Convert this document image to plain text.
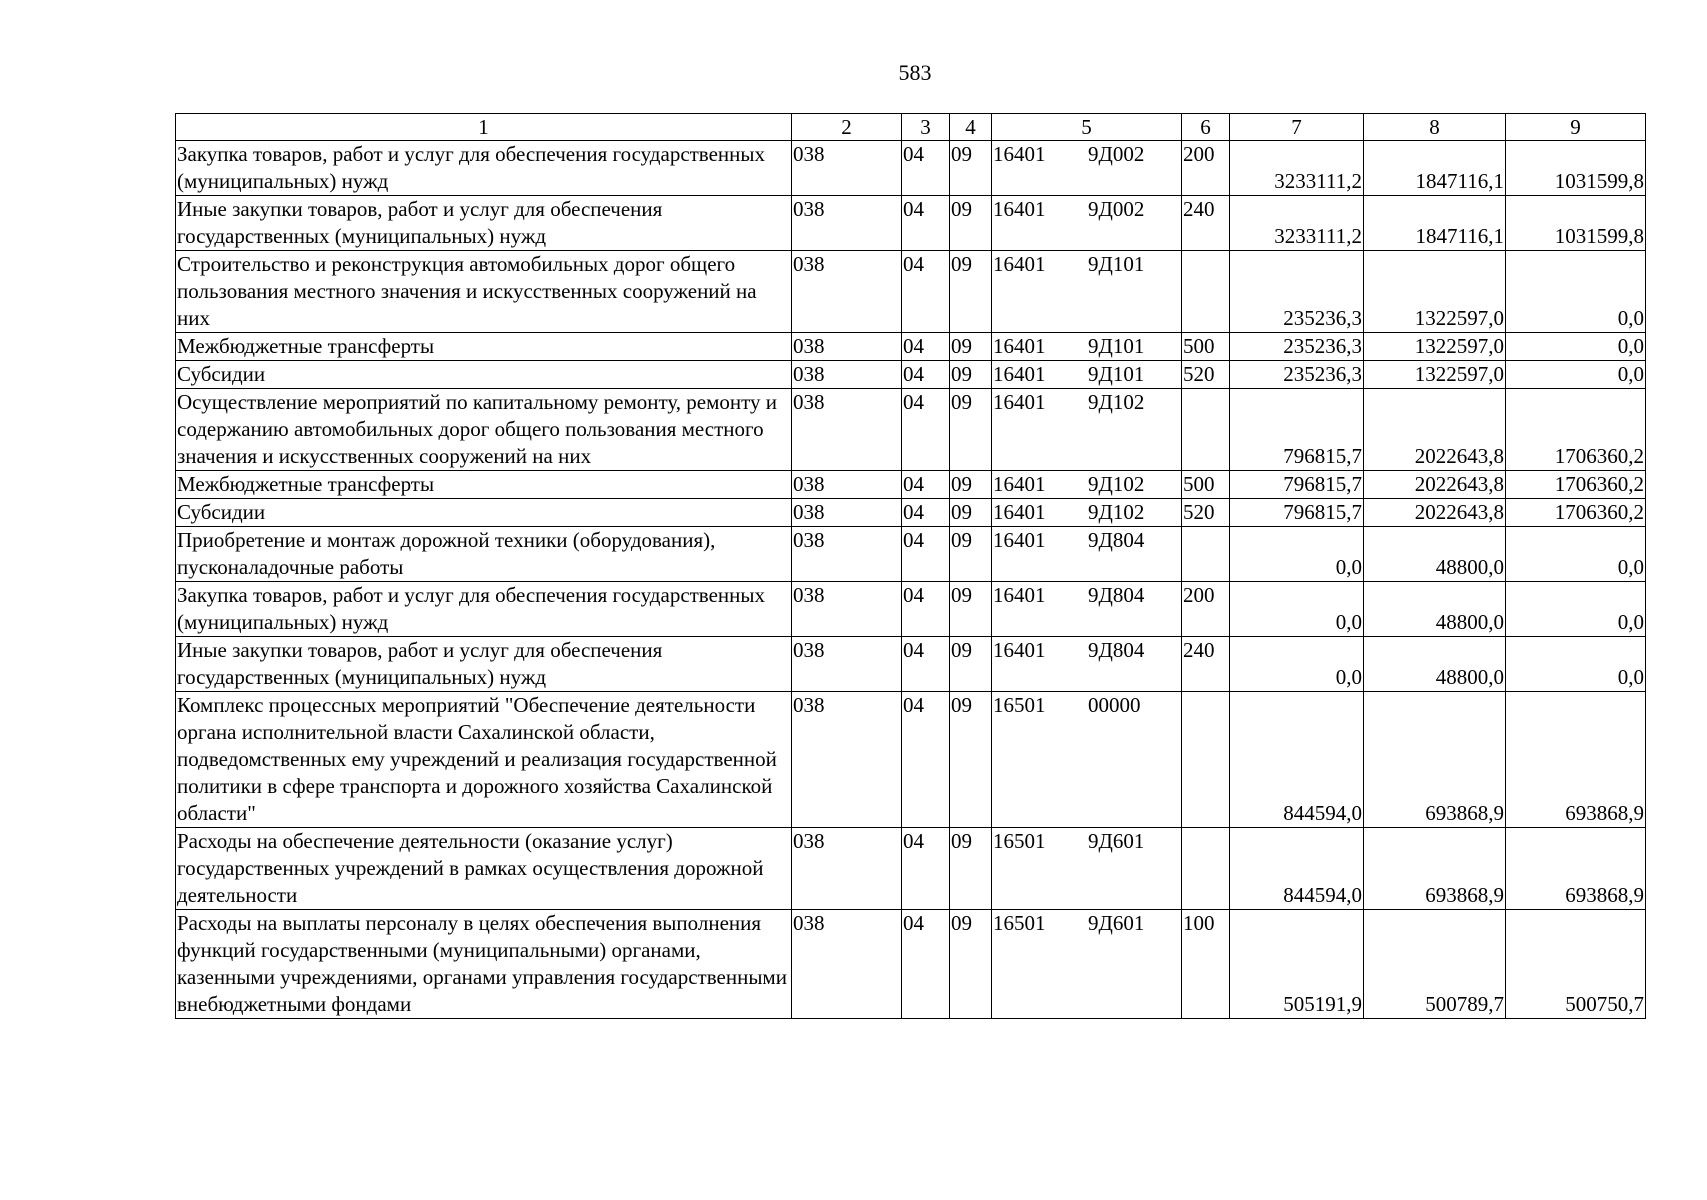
583
1	2	3	4	5	6	7	8	9
Закупка товаров, работ и услуг для обеспечения государственных (муниципальных) нужд	038	04	09	16401 9Д002	200	3233111,2	1847116,1	1031599,8
Иные закупки товаров, работ и услуг для обеспечения государственных (муниципальных) нужд	038	04	09	16401 9Д002	240	3233111,2	1847116,1	1031599,8
Строительство и реконструкция автомобильных дорог общего пользования местного значения и искусственных сооружений на них	038	04	09	16401 9Д101		235236,3	1322597,0	0,0
Межбюджетные трансферты	038	04	09	16401 9Д101	500	235236,3	1322597,0	0,0
Субсидии	038	04	09	16401 9Д101	520	235236,3	1322597,0	0,0
Осуществление мероприятий по капитальному ремонту, ремонту и содержанию автомобильных дорог общего пользования местного значения и искусственных сооружений на них	038	04	09	16401 9Д102		796815,7	2022643,8	1706360,2
Межбюджетные трансферты	038	04	09	16401 9Д102	500	796815,7	2022643,8	1706360,2
Субсидии	038	04	09	16401 9Д102	520	796815,7	2022643,8	1706360,2
Приобретение и монтаж дорожной техники (оборудования), пусконаладочные работы	038	04	09	16401 9Д804		0,0	48800,0	0,0
Закупка товаров, работ и услуг для обеспечения государственных (муниципальных) нужд	038	04	09	16401 9Д804	200	0,0	48800,0	0,0
Иные закупки товаров, работ и услуг для обеспечения государственных (муниципальных) нужд	038	04	09	16401 9Д804	240	0,0	48800,0	0,0
Комплекс процессных мероприятий "Обеспечение деятельности органа исполнительной власти Сахалинской области, подведомственных ему учреждений и реализация государственной политики в сфере транспорта и дорожного хозяйства Сахалинской области"	038	04	09	16501 00000		844594,0	693868,9	693868,9
Расходы на обеспечение деятельности (оказание услуг) государственных учреждений в рамках осуществления дорожной деятельности	038	04	09	16501 9Д601		844594,0	693868,9	693868,9
Расходы на выплаты персоналу в целях обеспечения выполнения функций государственными (муниципальными) органами, казенными учреждениями, органами управления государственными внебюджетными фондами	038	04	09	16501 9Д601	100	505191,9	500789,7	500750,7
